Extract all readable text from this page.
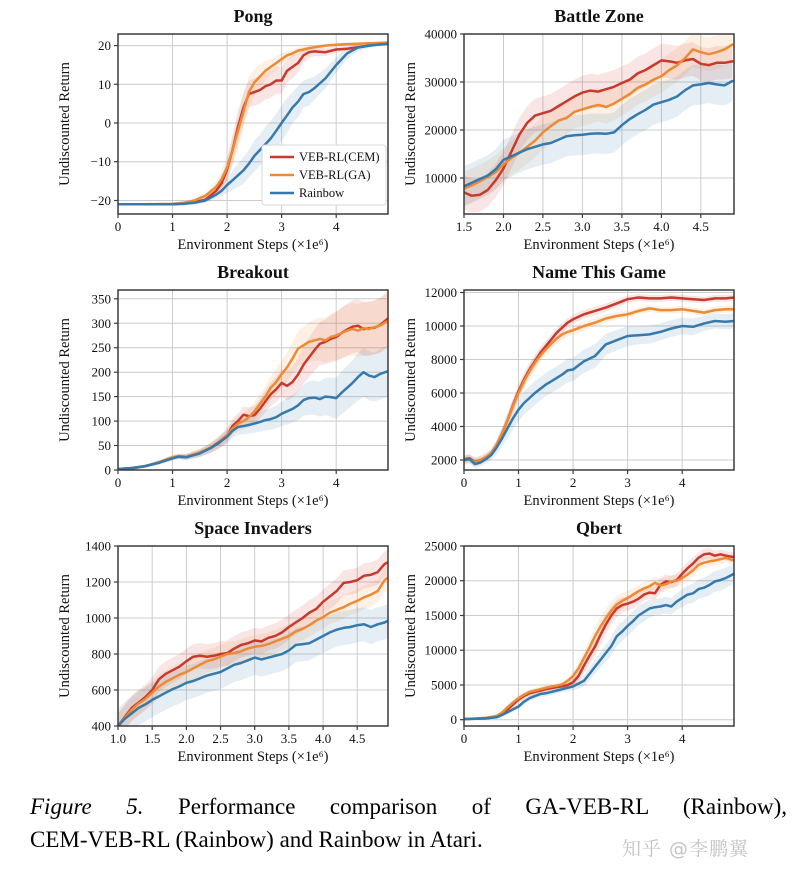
Pong
0	1	2	3	4
−20
−10
0
10
20
Environment Steps (×1e⁶)
Undiscounted Return	VEB-RL(CEM)
VEB-RL(GA)
Rainbow
Battle Zone
1.5 2.0 2.5 3.0 3.5 4.0 4.5
10000
20000
30000
40000
Environment Steps (×1e⁶)
Undiscounted Return
Breakout
0	1	2	3	4
0
50
100
150
200
250
300
350
Environment Steps (×1e⁶)
Undiscounted Return
Name This Game
0	1	2	3	4
2000
4000
6000
8000
10000
12000
Environment Steps (×1e⁶)
Undiscounted Return
Space Invaders
1.0 1.5 2.0 2.5 3.0 3.5 4.0 4.5
400
600
800
1000
1200
1400
Environment Steps (×1e⁶)
Undiscounted Return
Qbert
0	1	2	3	4
0
5000
10000
15000
20000
25000
Environment Steps (×1e⁶)
Undiscounted Return
Figure 5. Performance comparison of GA-VEB-RL (Rainbow),
CEM-VEB-RL (Rainbow) and Rainbow in Atari.	知乎 @李鹏翼
